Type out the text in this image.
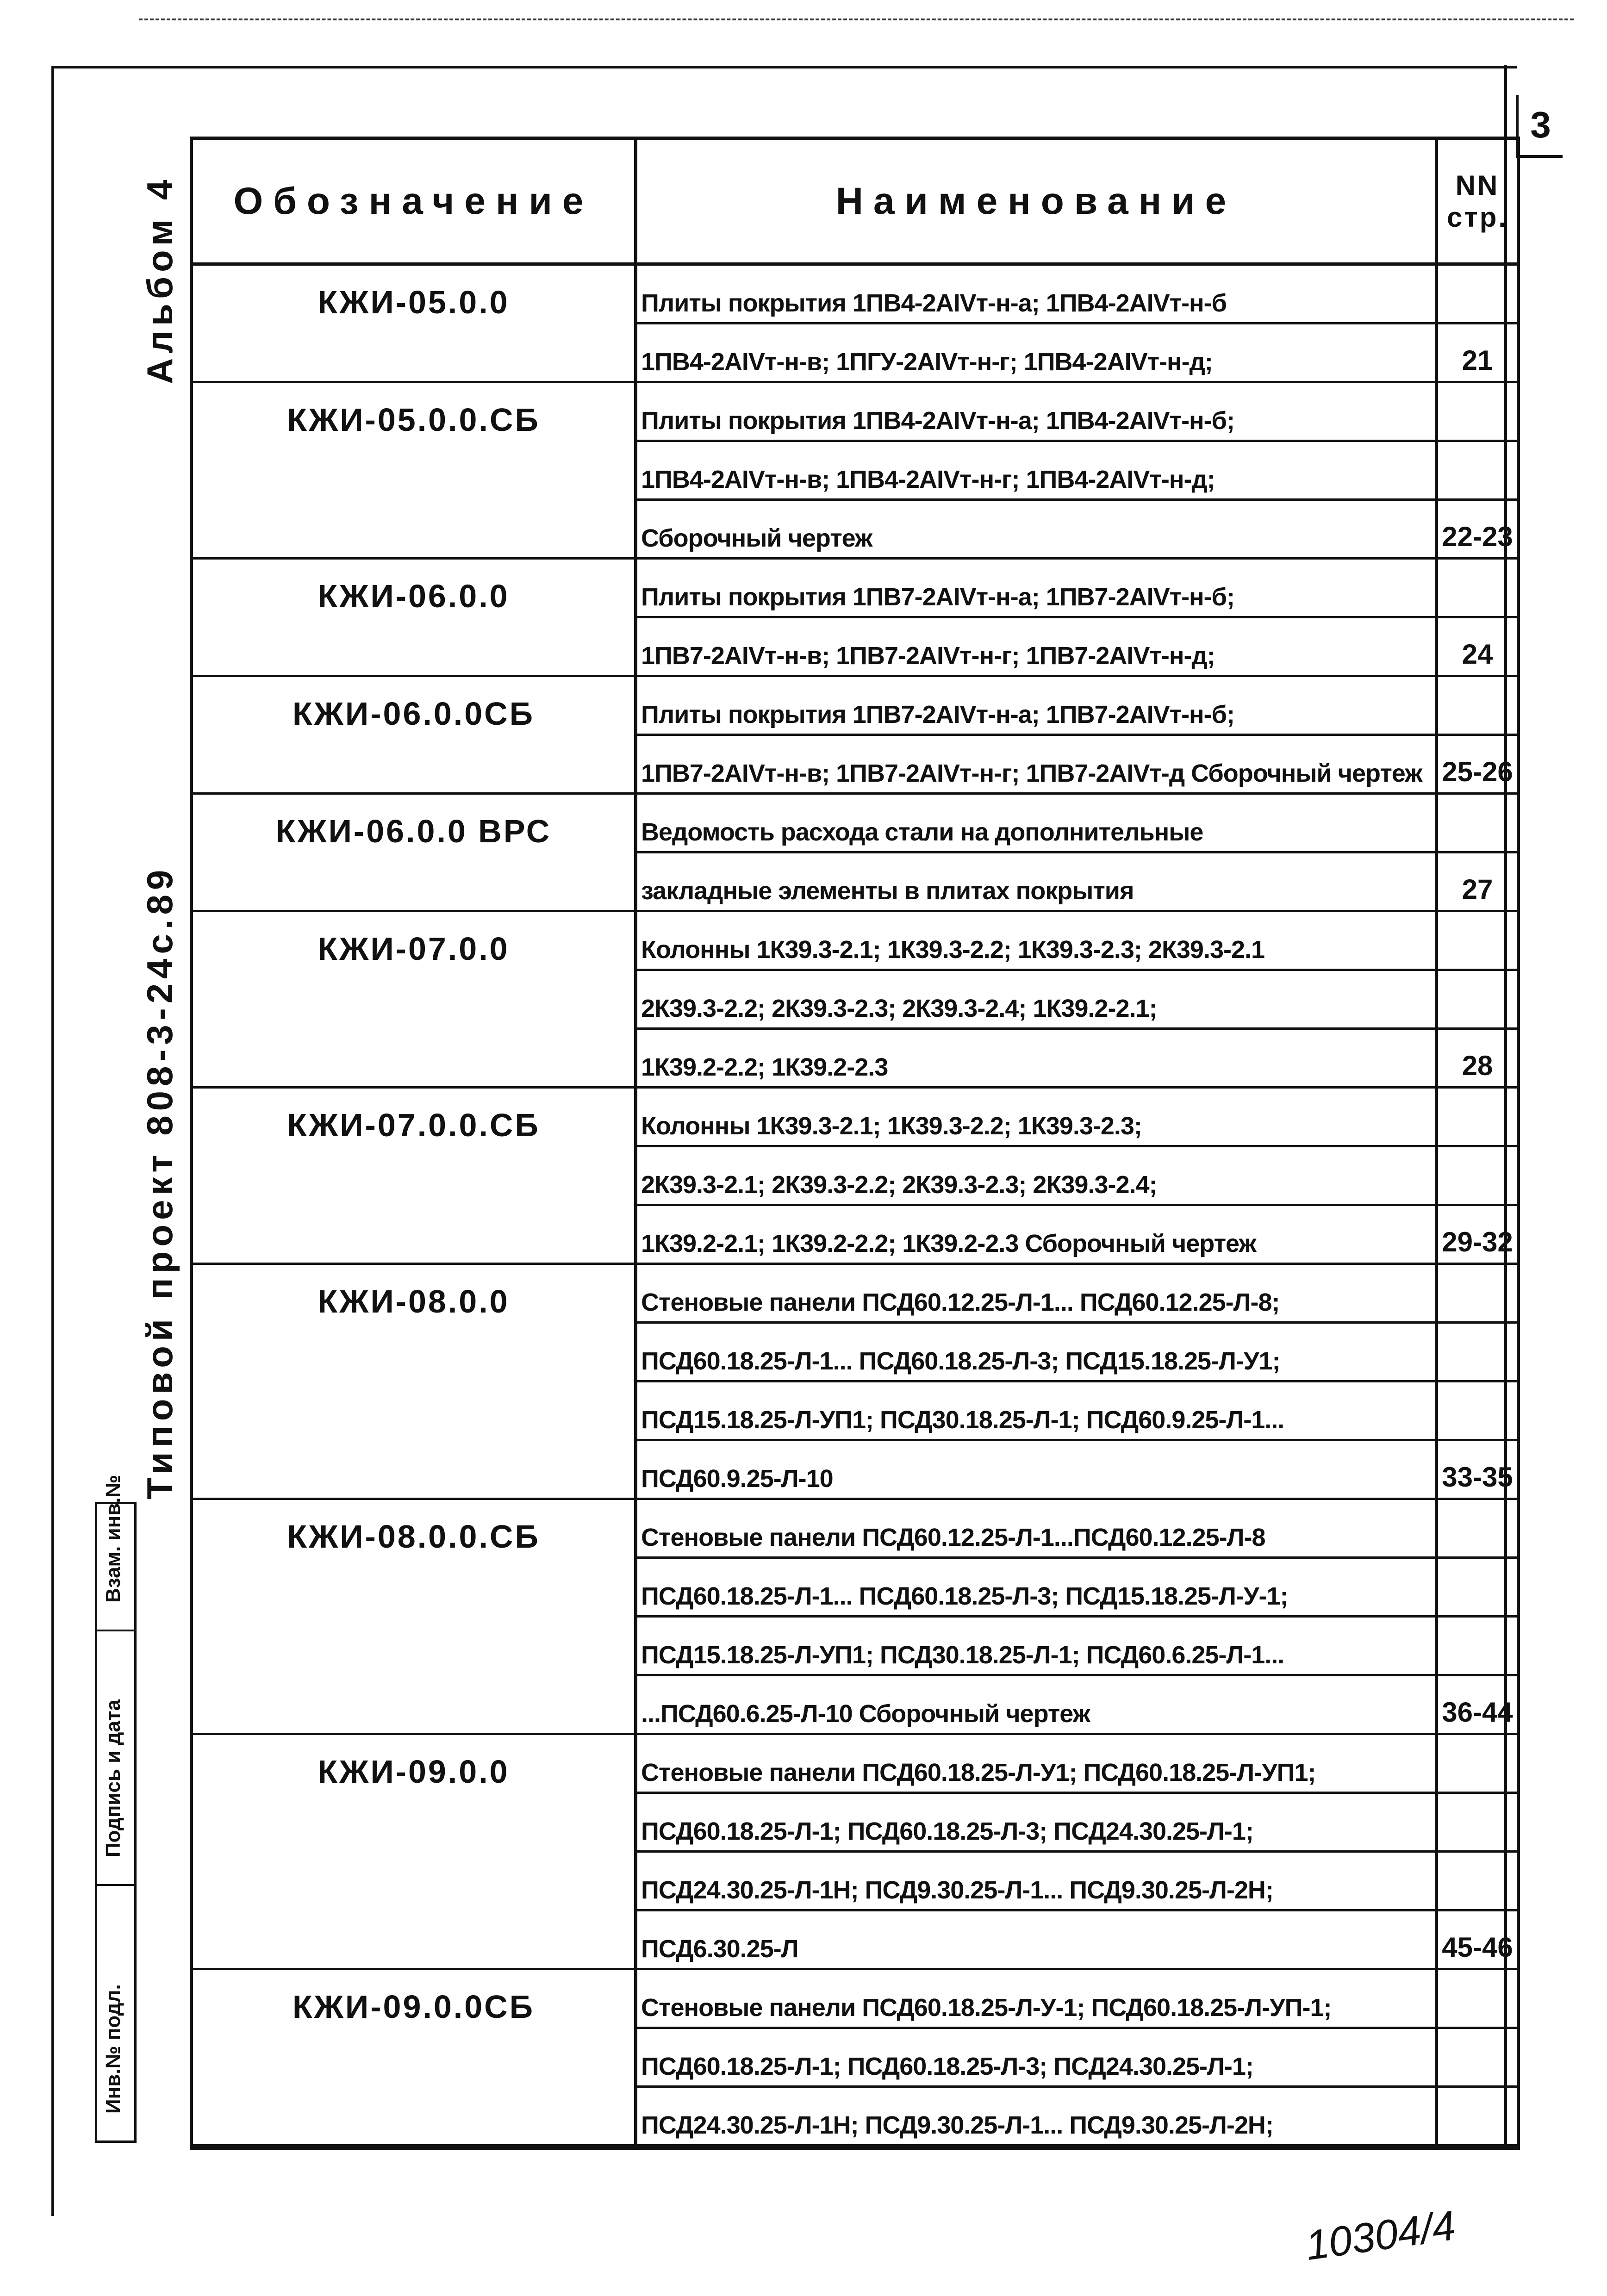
3
Альбом 4
Типовой проект 808-3-24с.89
Взам. инв.№
Подпись и дата
Инв.№ подл.
Обозначение	Наименование	NN стр.
КЖИ-05.0.0	Плиты покрытия 1ПВ4-2АIVт-н-а; 1ПВ4-2АIVт-н-б
1ПВ4-2АIVт-н-в; 1ПГУ-2АIVт-н-г; 1ПВ4-2АIVт-н-д;	21
КЖИ-05.0.0.СБ	Плиты покрытия 1ПВ4-2АIVт-н-а; 1ПВ4-2АIVт-н-б;
1ПВ4-2АIVт-н-в; 1ПВ4-2АIVт-н-г; 1ПВ4-2АIVт-н-д;
Сборочный чертеж	22-23
КЖИ-06.0.0	Плиты покрытия 1ПВ7-2АIVт-н-а; 1ПВ7-2АIVт-н-б;
1ПВ7-2АIVт-н-в; 1ПВ7-2АIVт-н-г; 1ПВ7-2АIVт-н-д;	24
КЖИ-06.0.0СБ	Плиты покрытия 1ПВ7-2АIVт-н-а; 1ПВ7-2АIVт-н-б;
1ПВ7-2АIVт-н-в; 1ПВ7-2АIVт-н-г; 1ПВ7-2АIVт-д Сборочный чертеж 25-26
КЖИ-06.0.0 ВРС	Ведомость расхода стали на дополнительные
закладные элементы в плитах покрытия	27
КЖИ-07.0.0	Колонны 1К39.3-2.1; 1К39.3-2.2; 1К39.3-2.3; 2К39.3-2.1
2К39.3-2.2; 2К39.3-2.3; 2К39.3-2.4; 1К39.2-2.1;
1К39.2-2.2; 1К39.2-2.3	28
КЖИ-07.0.0.СБ	Колонны 1К39.3-2.1; 1К39.3-2.2; 1К39.3-2.3;
2К39.3-2.1; 2К39.3-2.2; 2К39.3-2.3; 2К39.3-2.4;
1К39.2-2.1; 1К39.2-2.2; 1К39.2-2.3 Сборочный чертеж	29-32
КЖИ-08.0.0	Стеновые панели ПСД60.12.25-Л-1... ПСД60.12.25-Л-8;
ПСД60.18.25-Л-1... ПСД60.18.25-Л-3; ПСД15.18.25-Л-У1;
ПСД15.18.25-Л-УП1; ПСД30.18.25-Л-1; ПСД60.9.25-Л-1...
ПСД60.9.25-Л-10	33-35
КЖИ-08.0.0.СБ	Стеновые панели ПСД60.12.25-Л-1...ПСД60.12.25-Л-8
ПСД60.18.25-Л-1... ПСД60.18.25-Л-3; ПСД15.18.25-Л-У-1;
ПСД15.18.25-Л-УП1; ПСД30.18.25-Л-1; ПСД60.6.25-Л-1...
...ПСД60.6.25-Л-10 Сборочный чертеж	36-44
КЖИ-09.0.0	Стеновые панели ПСД60.18.25-Л-У1; ПСД60.18.25-Л-УП1;
ПСД60.18.25-Л-1; ПСД60.18.25-Л-3; ПСД24.30.25-Л-1;
ПСД24.30.25-Л-1Н; ПСД9.30.25-Л-1... ПСД9.30.25-Л-2Н;
ПСД6.30.25-Л	45-46
КЖИ-09.0.0СБ	Стеновые панели ПСД60.18.25-Л-У-1; ПСД60.18.25-Л-УП-1;
ПСД60.18.25-Л-1; ПСД60.18.25-Л-3; ПСД24.30.25-Л-1;
ПСД24.30.25-Л-1Н; ПСД9.30.25-Л-1... ПСД9.30.25-Л-2Н;
10304/4
